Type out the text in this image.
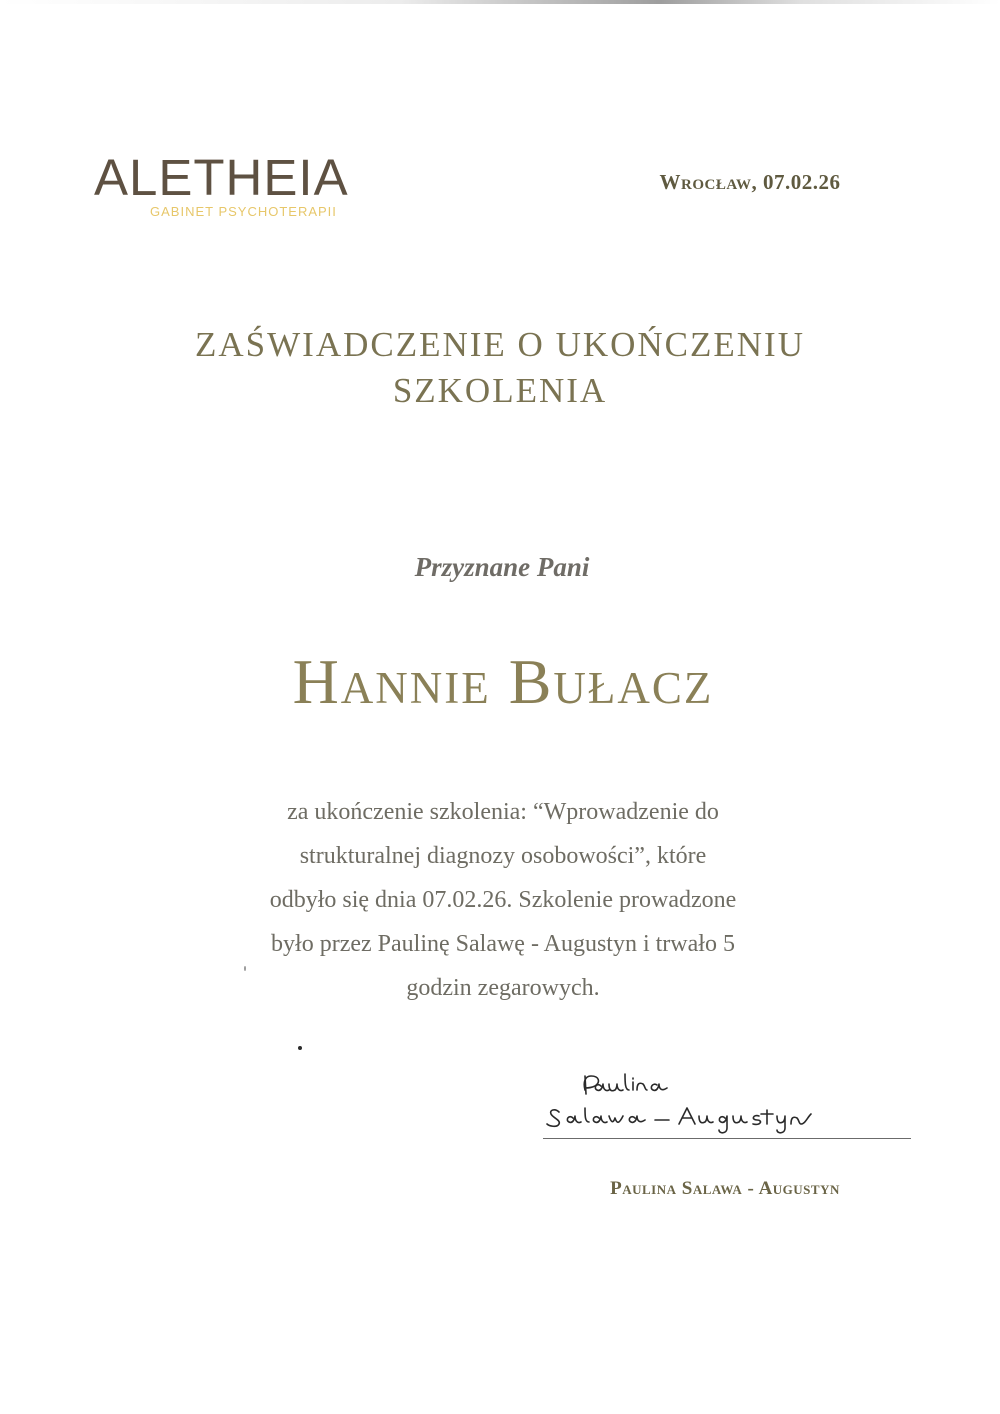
ALETHEIA
GABINET PSYCHOTERAPII
Wrocław, 07.02.26
ZAŚWIADCZENIE O UKOŃCZENIU
SZKOLENIA
Przyznane Pani
Hannie Bułacz
za ukończenie szkolenia: “Wprowadzenie do
strukturalnej diagnozy osobowości”, które
odbyło się dnia 07.02.26. Szkolenie prowadzone
było przez Paulinę Salawę - Augustyn i trwało 5
godzin zegarowych.
Paulina Salawa - Augustyn
